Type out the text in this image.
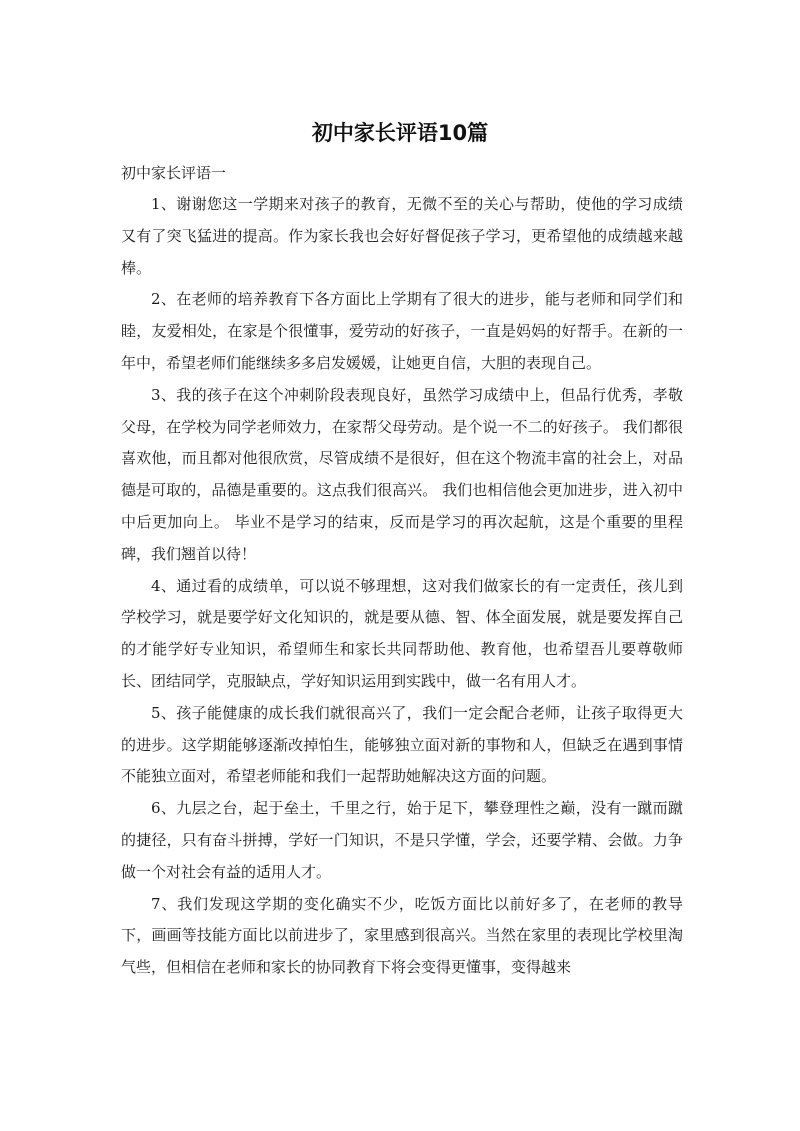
初中家长评语10篇

初中家长评语一

1、谢谢您这一学期来对孩子的教育，无微不至的关心与帮助，使他的学习成绩又有了突飞猛进的提高。作为家长我也会好好督促孩子学习，更希望他的成绩越来越棒。

2、在老师的培养教育下各方面比上学期有了很大的进步，能与老师和同学们和睦，友爱相处，在家是个很懂事，爱劳动的好孩子，一直是妈妈的好帮手。在新的一年中，希望老师们能继续多多启发媛媛，让她更自信，大胆的表现自己。

3、我的孩子在这个冲刺阶段表现良好，虽然学习成绩中上，但品行优秀，孝敬父母，在学校为同学老师效力，在家帮父母劳动。是个说一不二的好孩子。 我们都很喜欢他，而且都对他很欣赏，尽管成绩不是很好，但在这个物流丰富的社会上，对品德是可取的，品德是重要的。这点我们很高兴。 我们也相信他会更加进步，进入初中中后更加向上。 毕业不是学习的结束，反而是学习的再次起航，这是个重要的里程碑，我们翘首以待！

4、通过看的成绩单，可以说不够理想，这对我们做家长的有一定责任，孩儿到学校学习，就是要学好文化知识的，就是要从德、智、体全面发展，就是要发挥自己的才能学好专业知识，希望师生和家长共同帮助他、教育他，也希望吾儿要尊敬师长、团结同学，克服缺点，学好知识运用到实践中，做一名有用人才。

5、孩子能健康的成长我们就很高兴了，我们一定会配合老师，让孩子取得更大的进步。这学期能够逐渐改掉怕生，能够独立面对新的事物和人，但缺乏在遇到事情不能独立面对，希望老师能和我们一起帮助她解决这方面的问题。

6、九层之台，起于垒土，千里之行，始于足下，攀登理性之巅，没有一蹴而蹴的捷径，只有奋斗拼搏，学好一门知识，不是只学懂，学会，还要学精、会做。力争做一个对社会有益的适用人才。

7、我们发现这学期的变化确实不少，吃饭方面比以前好多了，在老师的教导下，画画等技能方面比以前进步了，家里感到很高兴。当然在家里的表现比学校里淘气些，但相信在老师和家长的协同教育下将会变得更懂事，变得越来
